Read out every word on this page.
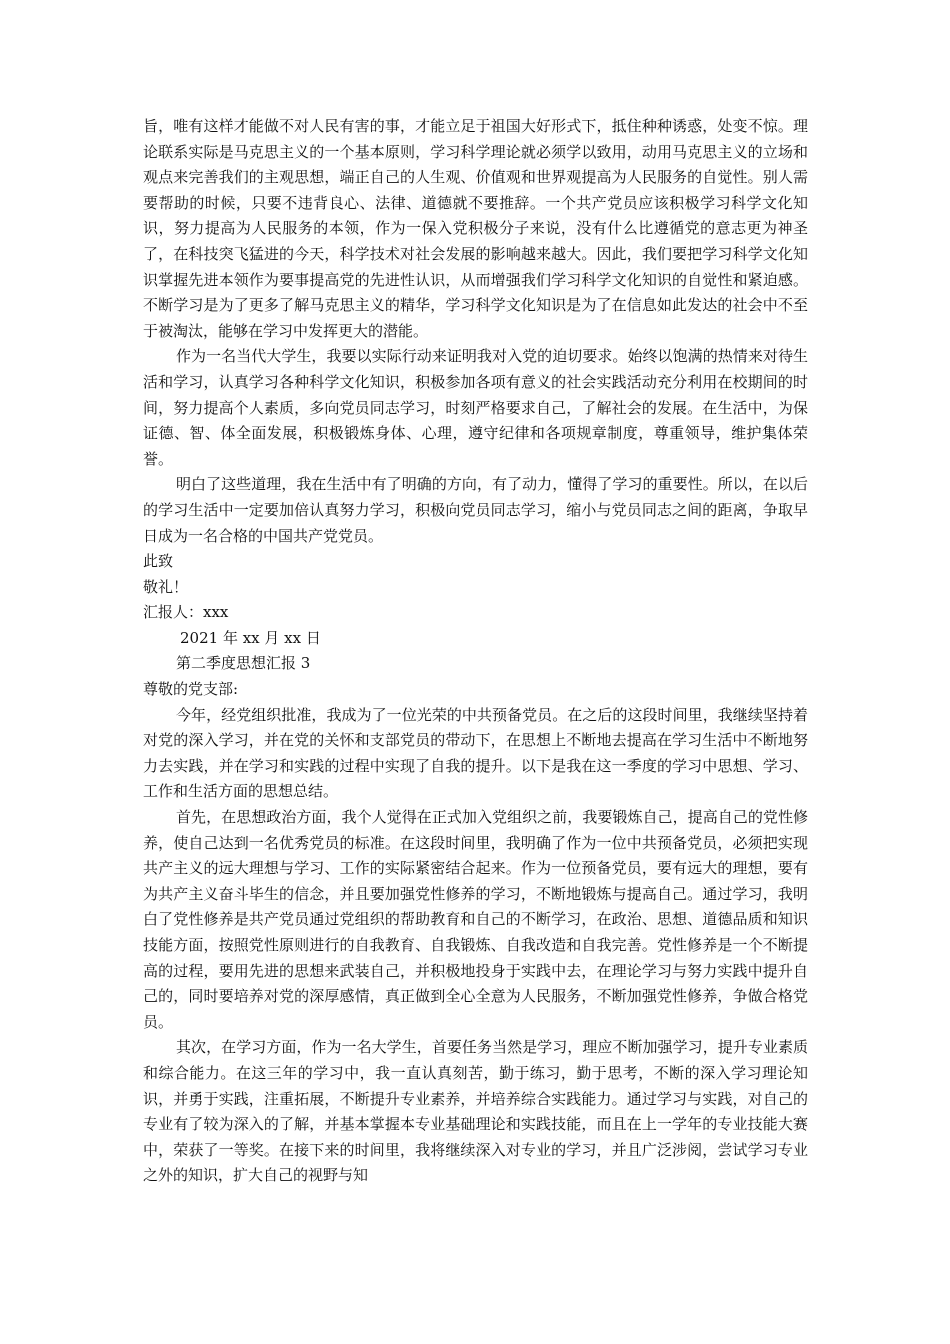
旨，唯有这样才能做不对人民有害的事，才能立足于祖国大好形式下，抵住种种诱惑，处变不惊。理论联系实际是马克思主义的一个基本原则，学习科学理论就必须学以致用，动用马克思主义的立场和观点来完善我们的主观思想，端正自己的人生观、价值观和世界观提高为人民服务的自觉性。别人需要帮助的时候，只要不违背良心、法律、道德就不要推辞。一个共产党员应该积极学习科学文化知识，努力提高为人民服务的本领，作为一保入党积极分子来说，没有什么比遵循党的意志更为神圣了，在科技突飞猛进的今天，科学技术对社会发展的影响越来越大。因此，我们要把学习科学文化知识掌握先进本领作为要事提高党的先进性认识，从而增强我们学习科学文化知识的自觉性和紧迫感。不断学习是为了更多了解马克思主义的精华，学习科学文化知识是为了在信息如此发达的社会中不至于被淘汰，能够在学习中发挥更大的潜能。

作为一名当代大学生，我要以实际行动来证明我对入党的迫切要求。始终以饱满的热情来对待生活和学习，认真学习各种科学文化知识，积极参加各项有意义的社会实践活动充分利用在校期间的时间，努力提高个人素质，多向党员同志学习，时刻严格要求自己，了解社会的发展。在生活中，为保证德、智、体全面发展，积极锻炼身体、心理，遵守纪律和各项规章制度，尊重领导，维护集体荣誉。

明白了这些道理，我在生活中有了明确的方向，有了动力，懂得了学习的重要性。所以，在以后的学习生活中一定要加倍认真努力学习，积极向党员同志学习，缩小与党员同志之间的距离，争取早日成为一名合格的中国共产党党员。

此致

敬礼！

汇报人：xxx

2021 年 xx 月 xx 日

第二季度思想汇报 3

尊敬的党支部:

今年，经党组织批准，我成为了一位光荣的中共预备党员。在之后的这段时间里，我继续坚持着对党的深入学习，并在党的关怀和支部党员的带动下，在思想上不断地去提高在学习生活中不断地努力去实践，并在学习和实践的过程中实现了自我的提升。以下是我在这一季度的学习中思想、学习、工作和生活方面的思想总结。

首先，在思想政治方面，我个人觉得在正式加入党组织之前，我要锻炼自己，提高自己的党性修养，使自己达到一名优秀党员的标准。在这段时间里，我明确了作为一位中共预备党员，必须把实现共产主义的远大理想与学习、工作的实际紧密结合起来。作为一位预备党员，要有远大的理想，要有为共产主义奋斗毕生的信念，并且要加强党性修养的学习，不断地锻炼与提高自己。通过学习，我明白了党性修养是共产党员通过党组织的帮助教育和自己的不断学习，在政治、思想、道德品质和知识技能方面，按照党性原则进行的自我教育、自我锻炼、自我改造和自我完善。党性修养是一个不断提高的过程，要用先进的思想来武装自己，并积极地投身于实践中去，在理论学习与努力实践中提升自己的，同时要培养对党的深厚感情，真正做到全心全意为人民服务，不断加强党性修养，争做合格党员。

其次，在学习方面，作为一名大学生，首要任务当然是学习，理应不断加强学习，提升专业素质和综合能力。在这三年的学习中，我一直认真刻苦，勤于练习，勤于思考，不断的深入学习理论知识，并勇于实践，注重拓展，不断提升专业素养，并培养综合实践能力。通过学习与实践，对自己的专业有了较为深入的了解，并基本掌握本专业基础理论和实践技能，而且在上一学年的专业技能大赛中，荣获了一等奖。在接下来的时间里，我将继续深入对专业的学习，并且广泛涉阅，尝试学习专业之外的知识，扩大自己的视野与知
